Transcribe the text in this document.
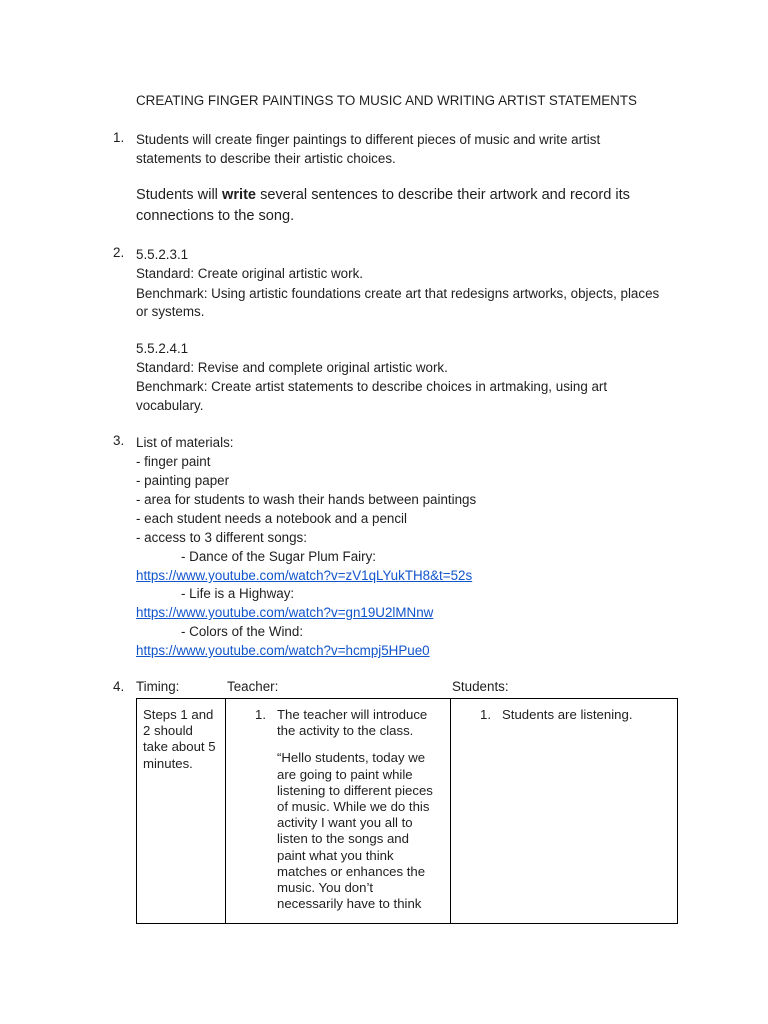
CREATING FINGER PAINTINGS TO MUSIC AND WRITING ARTIST STATEMENTS
1. Students will create finger paintings to different pieces of music and write artist
statements to describe their artistic choices.
Students will write several sentences to describe their artwork and record its
connections to the song.
2. 5.5.2.3.1
Standard: Create original artistic work.
Benchmark: Using artistic foundations create art that redesigns artworks, objects, places
or systems.
5.5.2.4.1
Standard: Revise and complete original artistic work.
Benchmark: Create artist statements to describe choices in artmaking, using art
vocabulary.
3. List of materials:
- finger paint
- painting paper
- area for students to wash their hands between paintings
- each student needs a notebook and a pencil
- access to 3 different songs:
- Dance of the Sugar Plum Fairy:
https://www.youtube.com/watch?v=zV1qLYukTH8&t=52s
- Life is a Highway:
https://www.youtube.com/watch?v=gn19U2lMNnw
- Colors of the Wind:
https://www.youtube.com/watch?v=hcmpj5HPue0
4. Timing:	Teacher:	Students:
Steps 1 and
2 should
take about 5
minutes.
1. The teacher will introduce
the activity to the class.
“Hello students, today we
are going to paint while
listening to different pieces
of music. While we do this
activity I want you all to
listen to the songs and
paint what you think
matches or enhances the
music. You don’t
necessarily have to think
1. Students are listening.
